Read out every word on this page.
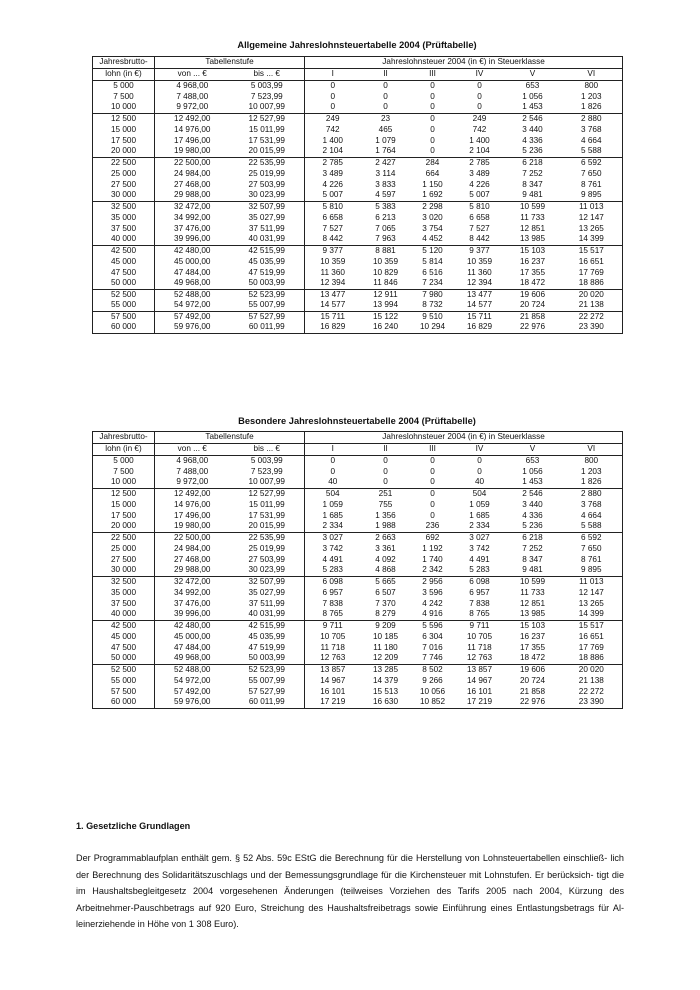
Allgemeine Jahreslohnsteuertabelle 2004 (Prüftabelle)
Jahresbrutto-	Tabellenstufe		Jahreslohnsteuer 2004 (in €) in Steuerklasse					
lohn (in €)	von ... €	bis ... €	I	II	III	IV	V	VI
5 000	4 968,00	5 003,99	0	0	0	0	653	800
7 500	7 488,00	7 523,99	0	0	0	0	1 056	1 203
10 000	9 972,00	10 007,99	0	0	0	0	1 453	1 826
12 500	12 492,00	12 527,99	249	23	0	249	2 546	2 880
15 000	14 976,00	15 011,99	742	465	0	742	3 440	3 768
17 500	17 496,00	17 531,99	1 400	1 079	0	1 400	4 336	4 664
20 000	19 980,00	20 015,99	2 104	1 764	0	2 104	5 236	5 588
22 500	22 500,00	22 535,99	2 785	2 427	284	2 785	6 218	6 592
25 000	24 984,00	25 019,99	3 489	3 114	664	3 489	7 252	7 650
27 500	27 468,00	27 503,99	4 226	3 833	1 150	4 226	8 347	8 761
30 000	29 988,00	30 023,99	5 007	4 597	1 692	5 007	9 481	9 895
32 500	32 472,00	32 507,99	5 810	5 383	2 298	5 810	10 599	11 013
35 000	34 992,00	35 027,99	6 658	6 213	3 020	6 658	11 733	12 147
37 500	37 476,00	37 511,99	7 527	7 065	3 754	7 527	12 851	13 265
40 000	39 996,00	40 031,99	8 442	7 963	4 452	8 442	13 985	14 399
42 500	42 480,00	42 515,99	9 377	8 881	5 120	9 377	15 103	15 517
45 000	45 000,00	45 035,99	10 359	10 359	5 814	10 359	16 237	16 651
47 500	47 484,00	47 519,99	11 360	10 829	6 516	11 360	17 355	17 769
50 000	49 968,00	50 003,99	12 394	11 846	7 234	12 394	18 472	18 886
52 500	52 488,00	52 523,99	13 477	12 911	7 980	13 477	19 606	20 020
55 000	54 972,00	55 007,99	14 577	13 994	8 732	14 577	20 724	21 138
57 500	57 492,00	57 527,99	15 711	15 122	9 510	15 711	21 858	22 272
60 000	59 976,00	60 011,99	16 829	16 240	10 294	16 829	22 976	23 390
Besondere Jahreslohnsteuertabelle 2004 (Prüftabelle)
Jahresbrutto-	Tabellenstufe		Jahreslohnsteuer 2004 (in €) in Steuerklasse					
lohn (in €)	von ... €	bis ... €	I	II	III	IV	V	VI
5 000	4 968,00	5 003,99	0	0	0	0	653	800
7 500	7 488,00	7 523,99	0	0	0	0	1 056	1 203
10 000	9 972,00	10 007,99	40	0	0	40	1 453	1 826
12 500	12 492,00	12 527,99	504	251	0	504	2 546	2 880
15 000	14 976,00	15 011,99	1 059	755	0	1 059	3 440	3 768
17 500	17 496,00	17 531,99	1 685	1 356	0	1 685	4 336	4 664
20 000	19 980,00	20 015,99	2 334	1 988	236	2 334	5 236	5 588
22 500	22 500,00	22 535,99	3 027	2 663	692	3 027	6 218	6 592
25 000	24 984,00	25 019,99	3 742	3 361	1 192	3 742	7 252	7 650
27 500	27 468,00	27 503,99	4 491	4 092	1 740	4 491	8 347	8 761
30 000	29 988,00	30 023,99	5 283	4 868	2 342	5 283	9 481	9 895
32 500	32 472,00	32 507,99	6 098	5 665	2 956	6 098	10 599	11 013
35 000	34 992,00	35 027,99	6 957	6 507	3 596	6 957	11 733	12 147
37 500	37 476,00	37 511,99	7 838	7 370	4 242	7 838	12 851	13 265
40 000	39 996,00	40 031,99	8 765	8 279	4 916	8 765	13 985	14 399
42 500	42 480,00	42 515,99	9 711	9 209	5 596	9 711	15 103	15 517
45 000	45 000,00	45 035,99	10 705	10 185	6 304	10 705	16 237	16 651
47 500	47 484,00	47 519,99	11 718	11 180	7 016	11 718	17 355	17 769
50 000	49 968,00	50 003,99	12 763	12 209	7 746	12 763	18 472	18 886
52 500	52 488,00	52 523,99	13 857	13 285	8 502	13 857	19 606	20 020
55 000	54 972,00	55 007,99	14 967	14 379	9 266	14 967	20 724	21 138
57 500	57 492,00	57 527,99	16 101	15 513	10 056	16 101	21 858	22 272
60 000	59 976,00	60 011,99	17 219	16 630	10 852	17 219	22 976	23 390
1. Gesetzliche Grundlagen

Der Programmablaufplan enthält gem. § 52 Abs. 59c EStG die Berechnung für die Herstellung von Lohnsteuertabellen einschließ- lich der Berechnung des Solidaritätszuschlags und der Bemessungsgrundlage für die Kirchensteuer mit Lohnstufen. Er berücksich- tigt die im Haushaltsbegleitgesetz 2004 vorgesehenen Änderungen (teilweises Vorziehen des Tarifs 2005 nach 2004, Kürzung des Arbeitnehmer-Pauschbetrags auf 920 Euro, Streichung des Haushaltsfreibetrags sowie Einführung eines Entlastungsbetrags für Al- leinerziehende in Höhe von 1 308 Euro).
